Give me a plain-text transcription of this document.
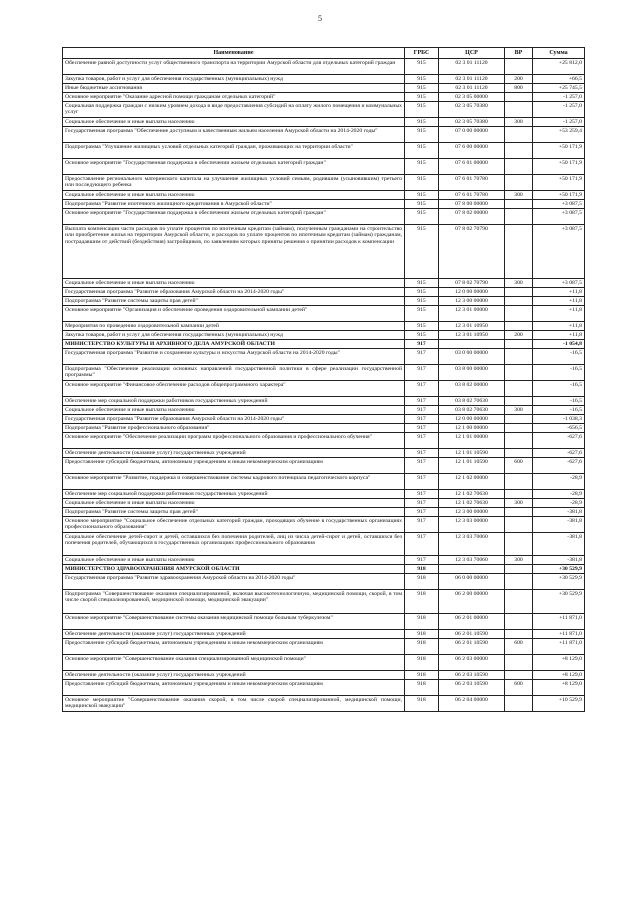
5
Наименование	ГРБС	ЦСР	ВР	Сумма
Обеспечение равной доступности услуг общественного транспорта на территории Амурской области для отдельных категорий граждан	915	02 3 01 11120		+25 812,0
Закупка товаров, работ и услуг для обеспечения государственных (муниципальных) нужд	915	02 3 01 11120	200	+66,5
Иные бюджетные ассигнования	915	02 3 01 11120	800	+25 745,5
Основное мероприятие "Оказание адресной помощи гражданам отдельных категорий"	915	02 3 05 00000		-1 257,0
Социальная поддержка граждан с низким уровнем дохода в виде предоставления субсидий на оплату жилого помещения и коммунальных услуг	915	02 3 05 70380		-1 257,0
Социальное обеспечение и иные выплаты населению	915	02 3 05 70380	300	-1 257,0
Государственная программа "Обеспечение доступным и качественным жильем населения Амурской области на 2014-2020 годы"	915	07 0 00 00000		+53 259,4
Подпрограмма "Улучшение жилищных условий отдельных категорий граждан, проживающих на территории области"	915	07 6 00 00000		+50 171,9
Основное мероприятие "Государственная поддержка в обеспечении жильем отдельных категорий граждан"	915	07 6 01 00000		+50 171,9
Предоставление регионального материнского капитала на улучшение жилищных условий семьям, родившим (усыновившим) третьего или последующего ребенка	915	07 6 01 70780		+50 171,9
Социальное обеспечение и иные выплаты населению	915	07 6 01 70780	300	+50 171,9
Подпрограмма "Развитие ипотечного жилищного кредитования в Амурской области"	915	07 8 00 00000		+3 087,5
Основное мероприятие "Государственная поддержка в обеспечении жильем отдельных категорий граждан"	915	07 8 02 00000		+3 087,5
Выплата компенсации части расходов по уплате процентов по ипотечным кредитам (займам), полученным гражданами на строительство или приобретение жилья на территории Амурской области, и расходов по уплате процентов по ипотечным кредитам (займам) гражданам, пострадавшим от действий (бездействия) застройщиков, по заявлениям которых приняты решения о принятии расходов к компенсации	915	07 8 02 70790		+3 087,5
Социальное обеспечение и иные выплаты населению	915	07 8 02 70790	300	+3 087,5
Государственная программа "Развитие образования Амурской области на 2014-2020 годы"	915	12 0 00 00000		+11,8
Подпрограмма "Развитие системы защиты прав детей"	915	12 3 00 00000		+11,8
Основное мероприятие "Организация и обеспечение проведения оздоровительной кампании детей"	915	12 3 01 00000		+11,8
Мероприятия по проведению оздоровительной кампании детей	915	12 3 01 10950		+11,8
Закупка товаров, работ и услуг для обеспечения государственных (муниципальных) нужд	915	12 3 01 10950	200	+11,8
МИНИСТЕРСТВО КУЛЬТУРЫ И АРХИВНОГО ДЕЛА АМУРСКОЙ ОБЛАСТИ	917			-1 054,8
Государственная программа "Развитие и сохранение культуры и искусства Амурской области на 2014-2020 годы"	917	03 0 00 00000		-16,5
Подпрограмма "Обеспечение реализации основных направлений государственной политики в сфере реализации государственной программы"	917	03 8 00 00000		-16,5
Основное мероприятие "Финансовое обеспечение расходов общепрограммного характера"	917	03 8 02 00000		-16,5
Обеспечение мер социальной поддержки работников государственных учреждений	917	03 8 02 70630		-16,5
Социальное обеспечение и иные выплаты населению	917	03 8 02 70630	300	-16,5
Государственная программа "Развитие образования Амурской области на 2014-2020 годы"	917	12 0 00 00000		-1 038,3
Подпрограмма "Развитие профессионального образования"	917	12 1 00 00000		-656,5
Основное мероприятие "Обеспечение реализации программ профессионального образования и профессионального обучения"	917	12 1 01 00000		-627,6
Обеспечение деятельности (оказание услуг) государственных учреждений	917	12 1 01 10590		-627,6
Предоставление субсидий бюджетным, автономным учреждениям и иным некоммерческим организациям	917	12 1 01 10590	600	-627,6
Основное мероприятие "Развитие, поддержка и совершенствование системы кадрового потенциала педагогического корпуса"	917	12 1 02 00000		-28,9
Обеспечение мер социальной поддержки работников государственных учреждений	917	12 1 02 70630		-28,9
Социальное обеспечение и иные выплаты населению	917	12 1 02 70630	300	-28,9
Подпрограмма "Развитие системы защиты прав детей"	917	12 3 00 00000		-381,8
Основное мероприятие "Социальное обеспечение отдельных категорий граждан, проходящих обучение в государственных организациях профессионального образования"	917	12 3 03 00000		-381,8
Социальное обеспечение детей-сирот и детей, оставшихся без попечения родителей, лиц из числа детей-сирот и детей, оставшихся без попечения родителей, обучающихся в государственных организациях профессионального образования	917	12 3 03 70060		-381,8
Социальное обеспечение и иные выплаты населению	917	12 3 03 70060	300	-381,8
МИНИСТЕРСТВО ЗДРАВООХРАНЕНИЯ АМУРСКОЙ ОБЛАСТИ	918			+30 529,9
Государственная программа "Развитие здравоохранения Амурской области на 2014-2020 годы"	918	06 0 00 00000		+30 529,9
Подпрограмма "Совершенствование оказания специализированной, включая высокотехнологичную, медицинской помощи, скорой, в том числе скорой специализированной, медицинской помощи, медицинской эвакуации"	918	06 2 00 00000		+30 529,9
Основное мероприятие "Совершенствование системы оказания медицинской помощи больным туберкулезом"	918	06 2 01 00000		+11 871,0
Обеспечение деятельности (оказание услуг) государственных учреждений	918	06 2 01 10590		+11 871,0
Предоставление субсидий бюджетным, автономным учреждениям и иным некоммерческим организациям	918	06 2 01 10590	600	+11 871,0
Основное мероприятие "Совершенствование оказания специализированной медицинской помощи"	918	06 2 03 00000		+8 129,0
Обеспечение деятельности (оказание услуг) государственных учреждений	918	06 2 03 10590		+8 129,0
Предоставление субсидий бюджетным, автономным учреждениям и иным некоммерческим организациям	918	06 2 03 10590	600	+8 129,0
Основное мероприятие "Совершенствование оказания скорой, в том числе скорой специализированной, медицинской помощи, медицинской эвакуации"	918	06 2 04 00000		+10 529,9
